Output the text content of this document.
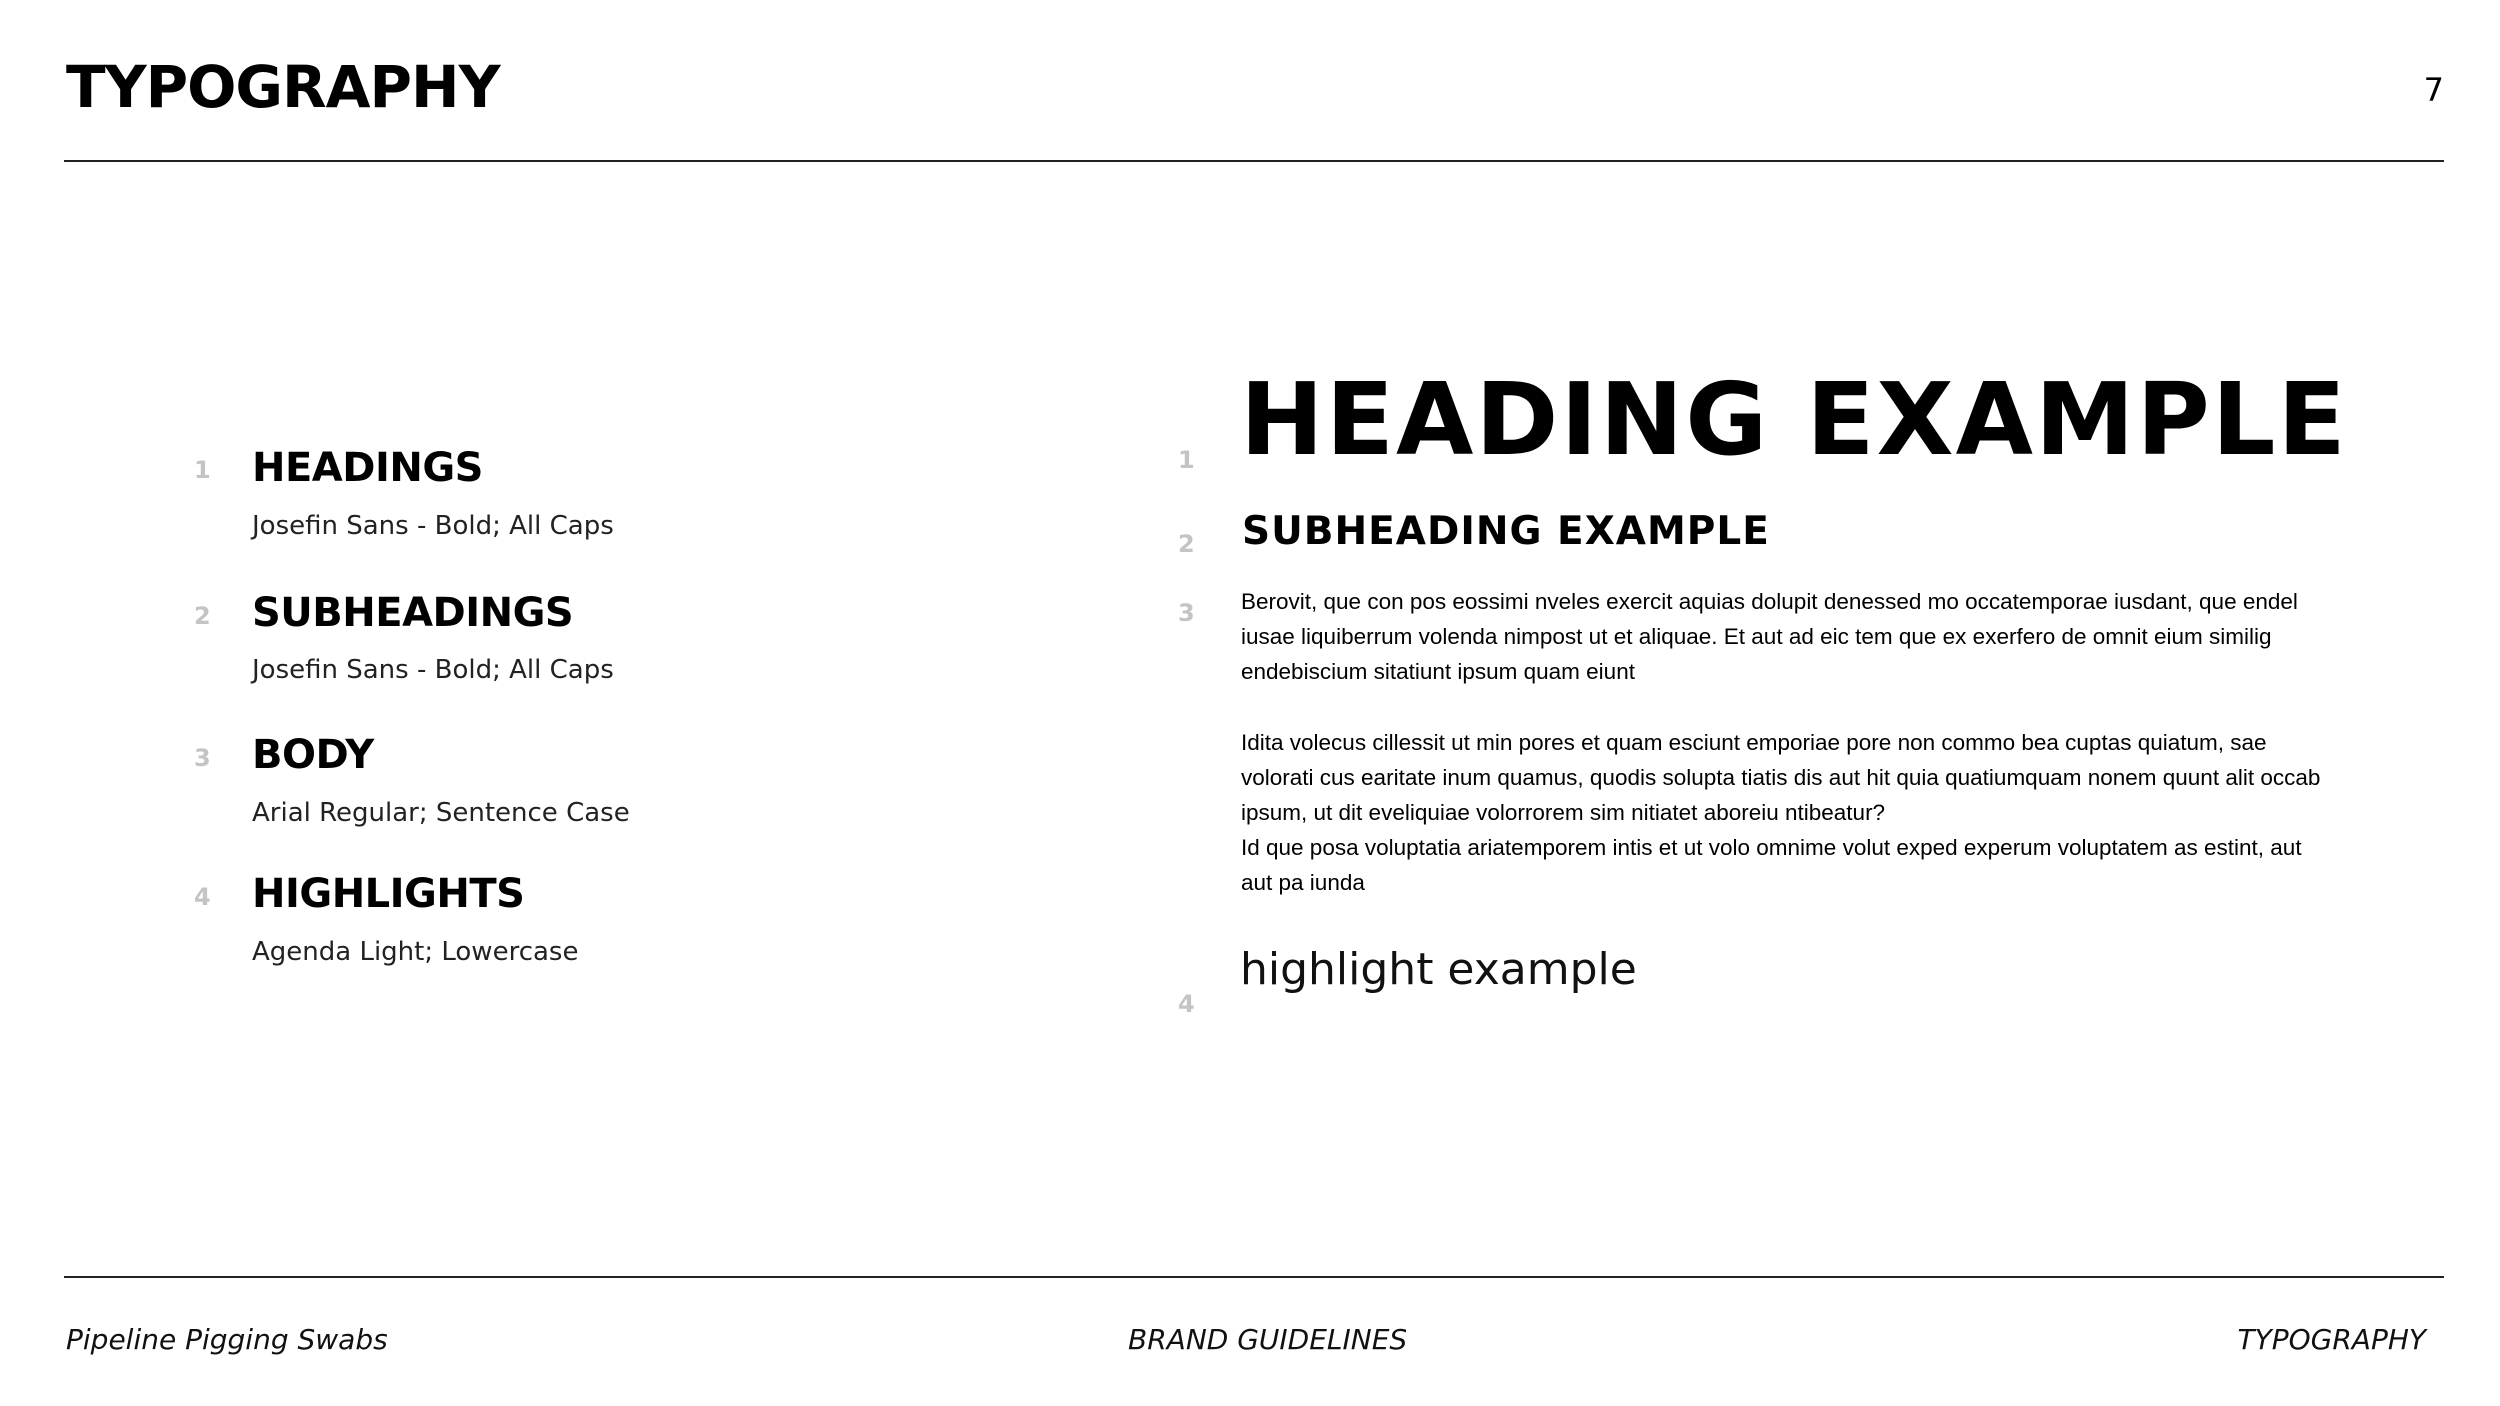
TYPOGRAPHY	7
1 HEADINGS
Josefin Sans - Bold; All Caps
2 SUBHEADINGS
Josefin Sans - Bold; All Caps
3 BODY
Arial Regular; Sentence Case
4 HIGHLIGHTS
Agenda Light; Lowercase
1 HEADING EXAMPLE
2 SUBHEADING EXAMPLE
3 Berovit, que con pos eossimi nveles exercit aquias dolupit denessed mo occatemporae iusdant, que endel iusae liquiberrum volenda nimpost ut et aliquae. Et aut ad eic tem que ex exerfero de omnit eium similig endebiscium sitatiunt ipsum quam eiunt

Idita volecus cillessit ut min pores et quam esciunt emporiae pore non commo bea cuptas quiatum, sae volorati cus earitate inum quamus, quodis solupta tiatis dis aut hit quia quatiumquam nonem quunt alit occab ipsum, ut dit eveliquiae volorrorem sim nitiatet aboreiu ntibeatur?
Id que posa voluptatia ariatemporem intis et ut volo omnime volut exped experum voluptatem as estint, aut aut pa iunda
4
highlight example
Pipeline Pigging Swabs	BRAND GUIDELINES	TYPOGRAPHY
